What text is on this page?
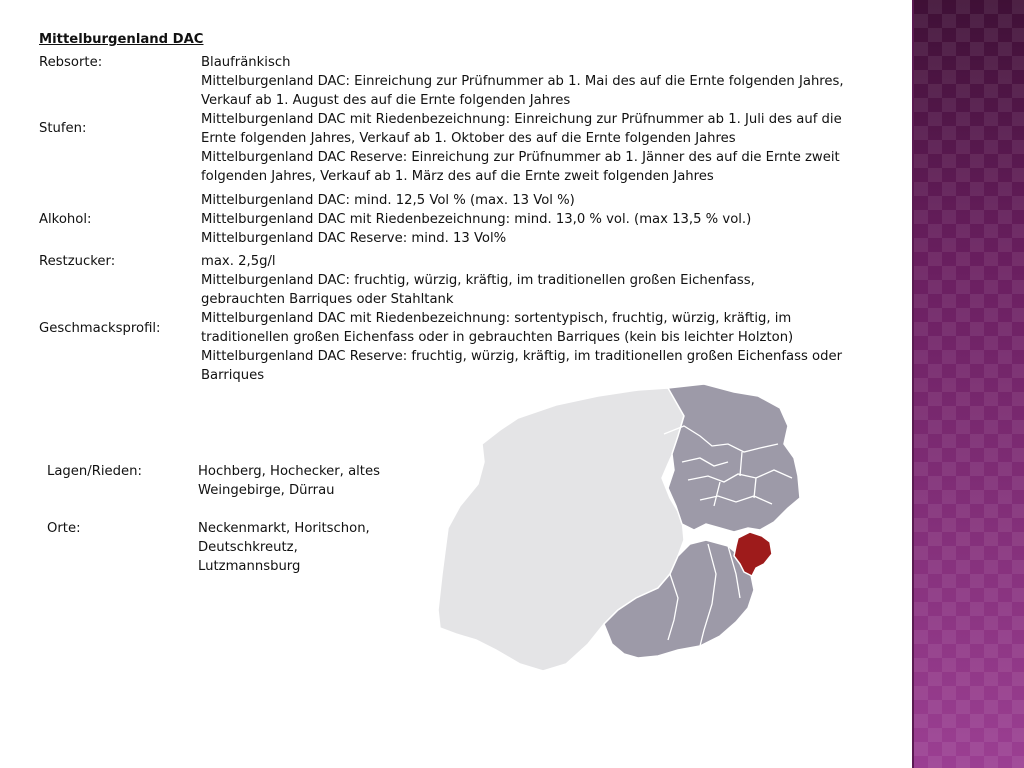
Mittelburgenland DAC
Rebsorte:	Blaufränkisch
Stufen:
Mittelburgenland DAC: Einreichung zur Prüfnummer ab 1. Mai des auf die Ernte folgenden Jahres,
Verkauf ab 1. August des auf die Ernte folgenden Jahres
Mittelburgenland DAC mit Riedenbezeichnung: Einreichung zur Prüfnummer ab 1. Juli des auf die
Ernte folgenden Jahres, Verkauf ab 1. Oktober des auf die Ernte folgenden Jahres
Mittelburgenland DAC Reserve: Einreichung zur Prüfnummer ab 1. Jänner des auf die Ernte zweit
folgenden Jahres, Verkauf ab 1. März des auf die Ernte zweit folgenden Jahres
Alkohol:
Mittelburgenland DAC: mind. 12,5 Vol % (max. 13 Vol %)
Mittelburgenland DAC mit Riedenbezeichnung: mind. 13,0 % vol. (max 13,5 % vol.)
Mittelburgenland DAC Reserve: mind. 13 Vol%
Restzucker:	max. 2,5g/l
Geschmacksprofil:
Mittelburgenland DAC: fruchtig, würzig, kräftig, im traditionellen großen Eichenfass,
gebrauchten Barriques oder Stahltank
Mittelburgenland DAC mit Riedenbezeichnung: sortentypisch, fruchtig, würzig, kräftig, im
traditionellen großen Eichenfass oder in gebrauchten Barriques (kein bis leichter Holzton)
Mittelburgenland DAC Reserve: fruchtig, würzig, kräftig, im traditionellen großen Eichenfass oder
Barriques
Lagen/Rieden:	Hochberg, Hochecker, altes
Weingebirge, Dürrau
Orte:	Neckenmarkt, Horitschon,
Deutschkreutz,
Lutzmannsburg
